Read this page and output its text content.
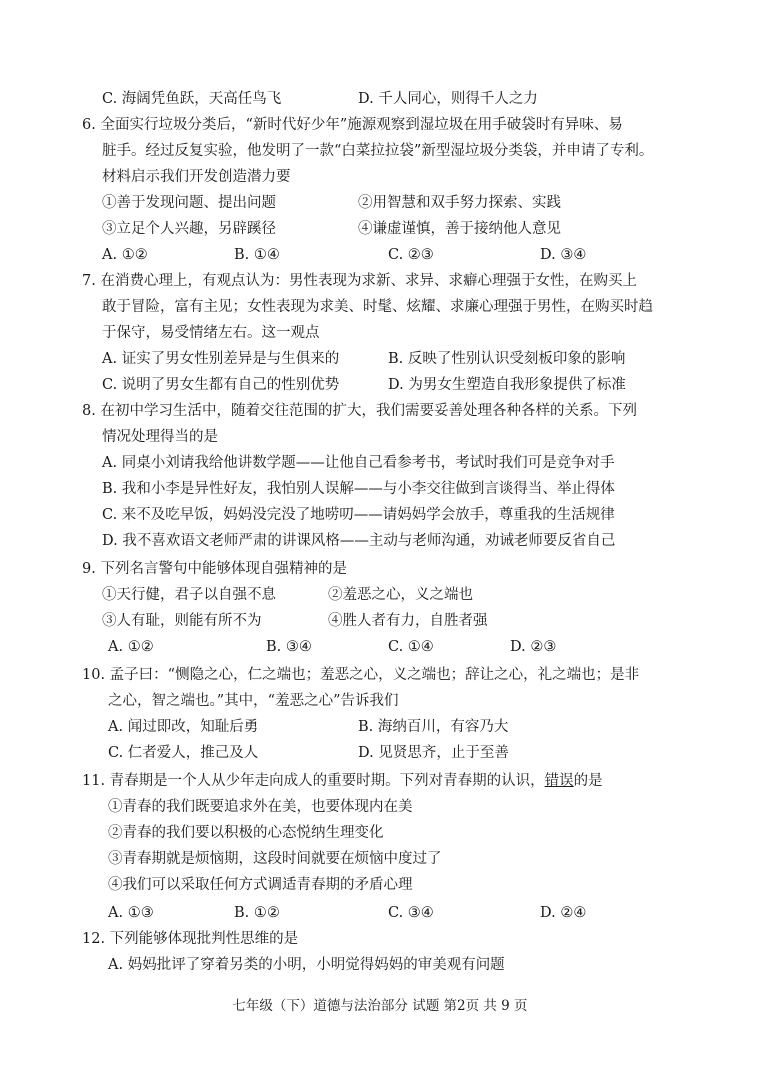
C. 海阔凭鱼跃，天高任鸟飞	D. 千人同心，则得千人之力
6. 全面实行垃圾分类后，“新时代好少年”施源观察到湿垃圾在用手破袋时有异味、易
脏手。经过反复实验，他发明了一款“白菜拉拉袋”新型湿垃圾分类袋，并申请了专利。
材料启示我们开发创造潜力要
①善于发现问题、提出问题	②用智慧和双手努力探索、实践
③立足个人兴趣，另辟蹊径	④谦虚谨慎，善于接纳他人意见
A. ①②	B. ①④	C. ②③	D. ③④
7. 在消费心理上，有观点认为：男性表现为求新、求异、求癖心理强于女性，在购买上
敢于冒险，富有主见；女性表现为求美、时髦、炫耀、求廉心理强于男性，在购买时趋
于保守，易受情绪左右。这一观点
A. 证实了男女性别差异是与生俱来的	B. 反映了性别认识受刻板印象的影响
C. 说明了男女生都有自己的性别优势	D. 为男女生塑造自我形象提供了标准
8. 在初中学习生活中，随着交往范围的扩大，我们需要妥善处理各种各样的关系。下列
情况处理得当的是
A. 同桌小刘请我给他讲数学题——让他自己看参考书，考试时我们可是竞争对手
B. 我和小李是异性好友，我怕别人误解——与小李交往做到言谈得当、举止得体
C. 来不及吃早饭，妈妈没完没了地唠叨——请妈妈学会放手，尊重我的生活规律
D. 我不喜欢语文老师严肃的讲课风格——主动与老师沟通，劝诫老师要反省自己
9. 下列名言警句中能够体现自强精神的是
①天行健，君子以自强不息	②羞恶之心，义之端也
③人有耻，则能有所不为	④胜人者有力，自胜者强
A. ①②	B. ③④	C. ①④	D. ②③
10. 孟子曰：“恻隐之心，仁之端也；羞恶之心，义之端也；辞让之心，礼之端也；是非
之心，智之端也。”其中，“羞恶之心”告诉我们
A. 闻过即改，知耻后勇	B. 海纳百川，有容乃大
C. 仁者爱人，推己及人	D. 见贤思齐，止于至善
11. 青春期是一个人从少年走向成人的重要时期。下列对青春期的认识，错误的是
①青春的我们既要追求外在美，也要体现内在美
②青春的我们要以积极的心态悦纳生理变化
③青春期就是烦恼期，这段时间就要在烦恼中度过了
④我们可以采取任何方式调适青春期的矛盾心理
A. ①③	B. ①②	C. ③④	D. ②④
12. 下列能够体现批判性思维的是
A. 妈妈批评了穿着另类的小明，小明觉得妈妈的审美观有问题
七年级（下）道德与法治部分 试题 第2页 共 9 页
